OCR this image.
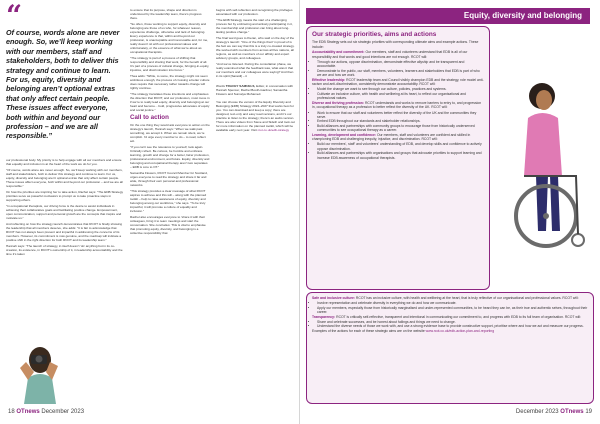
“
Of course, words alone are never enough. So, we’ll keep working with our members, staff and stakeholders, both to deliver this strategy and continue to learn. For us, equity, diversity and belonging aren’t optional extras that only affect certain people. These issues affect everyone, both within and beyond our profession – and we are all responsible.”

our professional body. My priority is to help engage with all our members and ensure that equality and inclusion is at the heart of the work we do for you.

"Of course, words alone are never enough. So, we’ll keep working with our members, staff and stakeholders, both to deliver this strategy and continue to learn. For us, equity, diversity and belonging aren’t optional extras that only affect certain people. These issues affect everyone, both within and beyond our profession – and we are all responsible."

On how the priorities are inspiring her to take action, Rachel says: "The EDB Strategy priorities serve as powerful motivators to prompt us to take proactive steps in supporting others.

"In occupational therapists, our driving force is the desire to assist individuals in achieving their collaborative goals and facilitating positive change. Empowerment, open communication, support and personal growth are the concepts that inspire and motivate us."

And reflecting on how the strategy launch demonstrates that RCOT is finally showing the leadership that all members deserve, she adds: "It is fair to acknowledge that RCOT has not always been present and impactful in addressing the concerns of its members. However, its commitment is now genuine, and the roadmap will indicate a positive shift in the right direction for both RCOT and its leadership team."

Hannah says: "The launch of strategy, in itself doesn’t 'do' anything but in its co-creation, its existence, in RCOT’s ownership of it, in leadership accountability and the time it’s taken

to ensure that its purpose, shape and direction is understood by the leadership team, there’s progress there.

"So often, those working to support equity, diversity and belonging are those of us who, for whatever reason, experience challenge, otherwise and lack of belonging. Every experience is that, within and beyond our profession, is unacceptable and inexcusable and, for me, really doesn’t sit with our professional values and unfortunately, or the essence of what we’re about as occupational therapists.

"The strategy is part of a process of shifting that responsibility and sharing that work, for the benefit of all. It’s part of a process of cultural change, bringing-in-equity, injustice, and discrimination into focus."

Thea adds: "While, to some, the strategy might not seem ambitious enough, the process of crossing a better culture does require that necessary rather towards change will rightly continue.

"The strategy translates these intentions and emphasises the direction that RCOT, and our profession, must move in if we’re to really lead equity, diversity and belonging at our heart and become... bold, progressive advocates of equity and social justice."

Call to action

On the one thing they would ask everyone to action on the strategy’s launch, Hannah says: "When we walk past something, we accept it. When we remain silent, we’re complicit. I’d urge every member to do – to read, reflect act.

"If you can’t see the relevance to yourself, look again. Critically reflect. Be curious, be humble and embrace learning, growth and change for a better, fairer profession, professional environment, and future. Equity, diversity and belonging and occupational therapy aren’t two separates – EDB is core to OT."

Samantha Flowers, RCOT Council Member for Scotland, urges everyone to read the strategy and share it far and wide, through their own personal and professional networks.

"This strategy provides a clear message of what RCOT aspires to achieve and this will – along with the planned toolkit – help to raise awareness of equity, diversity and belonging among our workforce," she says. "To be truly impactful, it will promote a culture of equality and inclusion."

Rachel also encourages everyone to 'share it with their colleagues, bring it to team meetings and start the conversation. She concludes: This is vital to emphasise that promoting equity, diversity, and belonging is a collective responsibility that

begins with self-reflection and recognising the privileges associated with our profession.

"The EDB Strategy means the start of a challenging process but by embracing and actively participating in it, the membership and profession can bring about long-lasting positive change."

The final word goes to Kieran, who said on the day of the strategy’s launch: "One of the things that I’m proud of is the fact we can say that this is a truly co-created strategy. We worked with members from across all five nations, all regions, as well as members of our affinity and expert advisory groups, and colleagues.

"And we’ve listened. During the consultation phase, we really examined what the feedback was, what was it that our members and our colleagues were saying? And then in its spirit [Saraidi] – it

Words TRACEY SAMUELS, Editor, in conversation with Hannah Spencer, Rachel Booth-Gardner, Samantha Flowers and Sumaiya Mohamed.

You can choose the version of the Equity Diversity and Belonging (EDB) Strategy 2024–2027 that works best for you. You can download and keep a copy; there are designed, text-only and easy read versions, and it’s our practice to listen to the strategy; there’s an audio version. There are also videos from Steve and Sideth and look out for more information on the planned toolkit, which will be available early next year. Visit rcot.co.uk/edb-strategy

18 OTnews December 2023
Equity, diversity and belonging
Our strategic priorities, aims and actions

The EDB Strategy sets out six strategic priorities with corresponding ultimate aims and example actions. These include:

Accountability and commitment: Our members, staff and volunteers understand that EDB is all of our responsibility and that words and good intentions are not enough. RCOT will:

• Through our actions, oppose discrimination, demonstrate effective allyship and be transparent and accountable.
• Demonstrate to the public, our staff, members, volunteers, learners and stakeholders that EDB is part of who we are and how we work.

Effective leadership: RCOT leadership team and Council visibly champion EDB and the strategy, role model anti-racism and anti-discrimination, consistently demonstrate accountability. RCOT will:

• Model the change we want to see through our culture, policies, practices and systems.
• Cultivate an inclusive culture, with health and wellbeing at its heart, to reflect our organisational and professional values.

Diverse and thriving profession: RCOT understands and works to remove barriers to entry to, and progression in, occupational therapy as a profession to better reflect the diversity of the UK. RCOT will:

• Work to ensure that our staff and volunteers better reflect the diversity of the UK and the communities they serve.
• Embed EDB throughout our standards and stakeholder relationships.
• Build alliances and partnerships with community groups to encourage those from historically underserved communities to see occupational therapy as a career.

Learning, development and confidence: Our members, staff and volunteers are confident and skilled in championing EDB and challenging inequity, injustice, and discrimination. RCOT will:

• Build our members’, staff’ and volunteers’ understanding of EDB, and develop skills and confidence to actively oppose discrimination.
• Build alliances and partnerships with organisations and groups that advocate priorities to support learning and increase EDB awareness of occupational therapists.

Safe and inclusive culture: RCOT has an inclusive culture, with health and wellbeing at the heart, that is truly reflective of our organisational and professional values. RCOT will:

• Involve representation and celebrate diversity in everything we do and how we communicate.
• Apply our members, especially those from historically marginalised and under-represented communities, to be heard they can be, as their true and authentic selves, throughout their career.

Transparency: RCOT is critically self-reflective, transparent and intentional in communicating our commitment to, and progress with EDB to its full team of organisation. RCOT will:

• Share and celebrate successes, and be honest about failings and things we need to change.
• Understand the diverse needs of those we work with, and use a strong evidence base to provide constructive support, prioritise where and how we act and measure our progress.

Examples of the actions for each of these strategic aims are on the website www.rcot.co.uk/edb-action-plan-and-reporting

December 2023 OTnews 19
